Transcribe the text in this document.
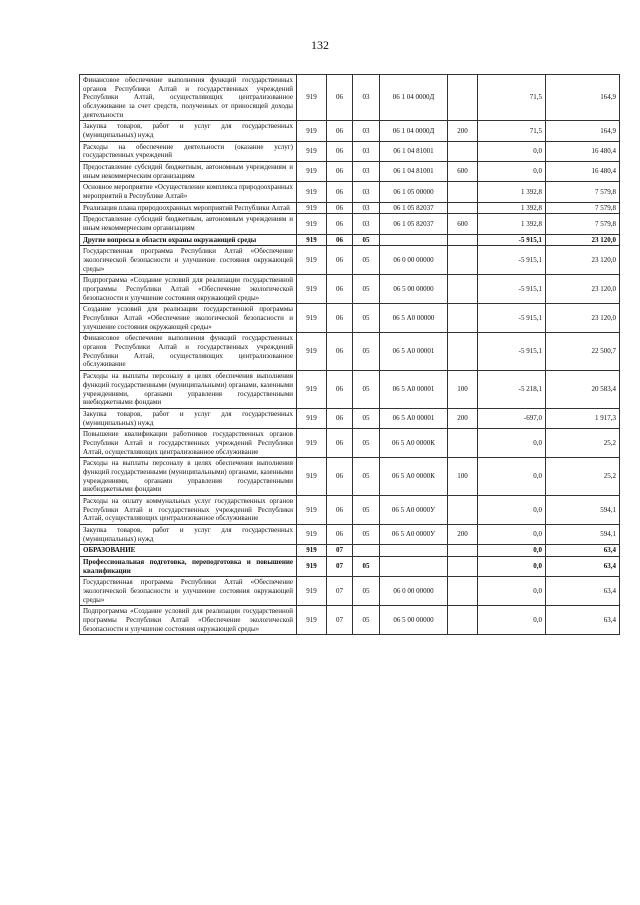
132
Финансовое обеспечение выполнения функций государственных органов Республики Алтай и государственных учреждений Республики Алтай, осуществляющих централизованное обслуживание за счет средств, полученных от приносящей доходы деятельности	919	06	03	06 1 04 0000Д		71,5	164,9
Закупка товаров, работ и услуг для государственных (муниципальных) нужд	919	06	03	06 1 04 0000Д	200	71,5	164,9
Расходы на обеспечение деятельности (оказание услуг) государственных учреждений	919	06	03	06 1 04 81001		0,0	16 480,4
Предоставление субсидий бюджетным, автономным учреждениям и иным некоммерческим организациям	919	06	03	06 1 04 81001	600	0,0	16 480,4
Основное мероприятие «Осуществление комплекса природоохранных мероприятий в Республике Алтай»	919	06	03	06 1 05 00000		1 392,8	7 579,8
Реализация плана природоохранных мероприятий Республики Алтай	919	06	03	06 1 05 82037		1 392,8	7 579,8
Предоставление субсидий бюджетным, автономным учреждениям и иным некоммерческим организациям	919	06	03	06 1 05 82037	600	1 392,8	7 579,8
Другие вопросы в области охраны окружающей среды	919	06	05			-5 915,1	23 120,0
Государственная программа Республики Алтай «Обеспечение экологической безопасности и улучшение состояния окружающей среды»	919	06	05	06 0 00 00000		-5 915,1	23 120,0
Подпрограмма «Создание условий для реализации государственной программы Республики Алтай «Обеспечение экологической безопасности и улучшение состояния окружающей среды»	919	06	05	06 5 00 00000		-5 915,1	23 120,0
Создание условий для реализации государственной программы Республики Алтай «Обеспечение экологической безопасности и улучшение состояния окружающей среды»	919	06	05	06 5 А0 00000		-5 915,1	23 120,0
Финансовое обеспечение выполнения функций государственных органов Республики Алтай и государственных учреждений Республики Алтай, осуществляющих централизованное обслуживание	919	06	05	06 5 А0 00001		-5 915,1	22 500,7
Расходы на выплаты персоналу в целях обеспечения выполнения функций государственными (муниципальными) органами, казенными учреждениями, органами управления государственными внебюджетными фондами	919	06	05	06 5 А0 00001	100	-5 218,1	20 583,4
Закупка товаров, работ и услуг для государственных (муниципальных) нужд	919	06	05	06 5 А0 00001	200	-697,0	1 917,3
Повышение квалификации работников государственных органов Республики Алтай и государственных учреждений Республики Алтай, осуществляющих централизованное обслуживание	919	06	05	06 5 А0 0000К		0,0	25,2
Расходы на выплаты персоналу в целях обеспечения выполнения функций государственными (муниципальными) органами, казенными учреждениями, органами управления государственными внебюджетными фондами	919	06	05	06 5 А0 0000К	100	0,0	25,2
Расходы на оплату коммунальных услуг государственных органов Республики Алтай и государственных учреждений Республики Алтай, осуществляющих централизованное обслуживание	919	06	05	06 5 А0 0000У		0,0	594,1
Закупка товаров, работ и услуг для государственных (муниципальных) нужд	919	06	05	06 5 А0 0000У	200	0,0	594,1
ОБРАЗОВАНИЕ	919	07				0,0	63,4
Профессиональная подготовка, переподготовка и повышение квалификации	919	07	05			0,0	63,4
Государственная программа Республики Алтай «Обеспечение экологической безопасности и улучшение состояния окружающей среды»	919	07	05	06 0 00 00000		0,0	63,4
Подпрограмма «Создание условий для реализации государственной программы Республики Алтай «Обеспечение экологической безопасности и улучшение состояния окружающей среды»	919	07	05	06 5 00 00000		0,0	63,4
